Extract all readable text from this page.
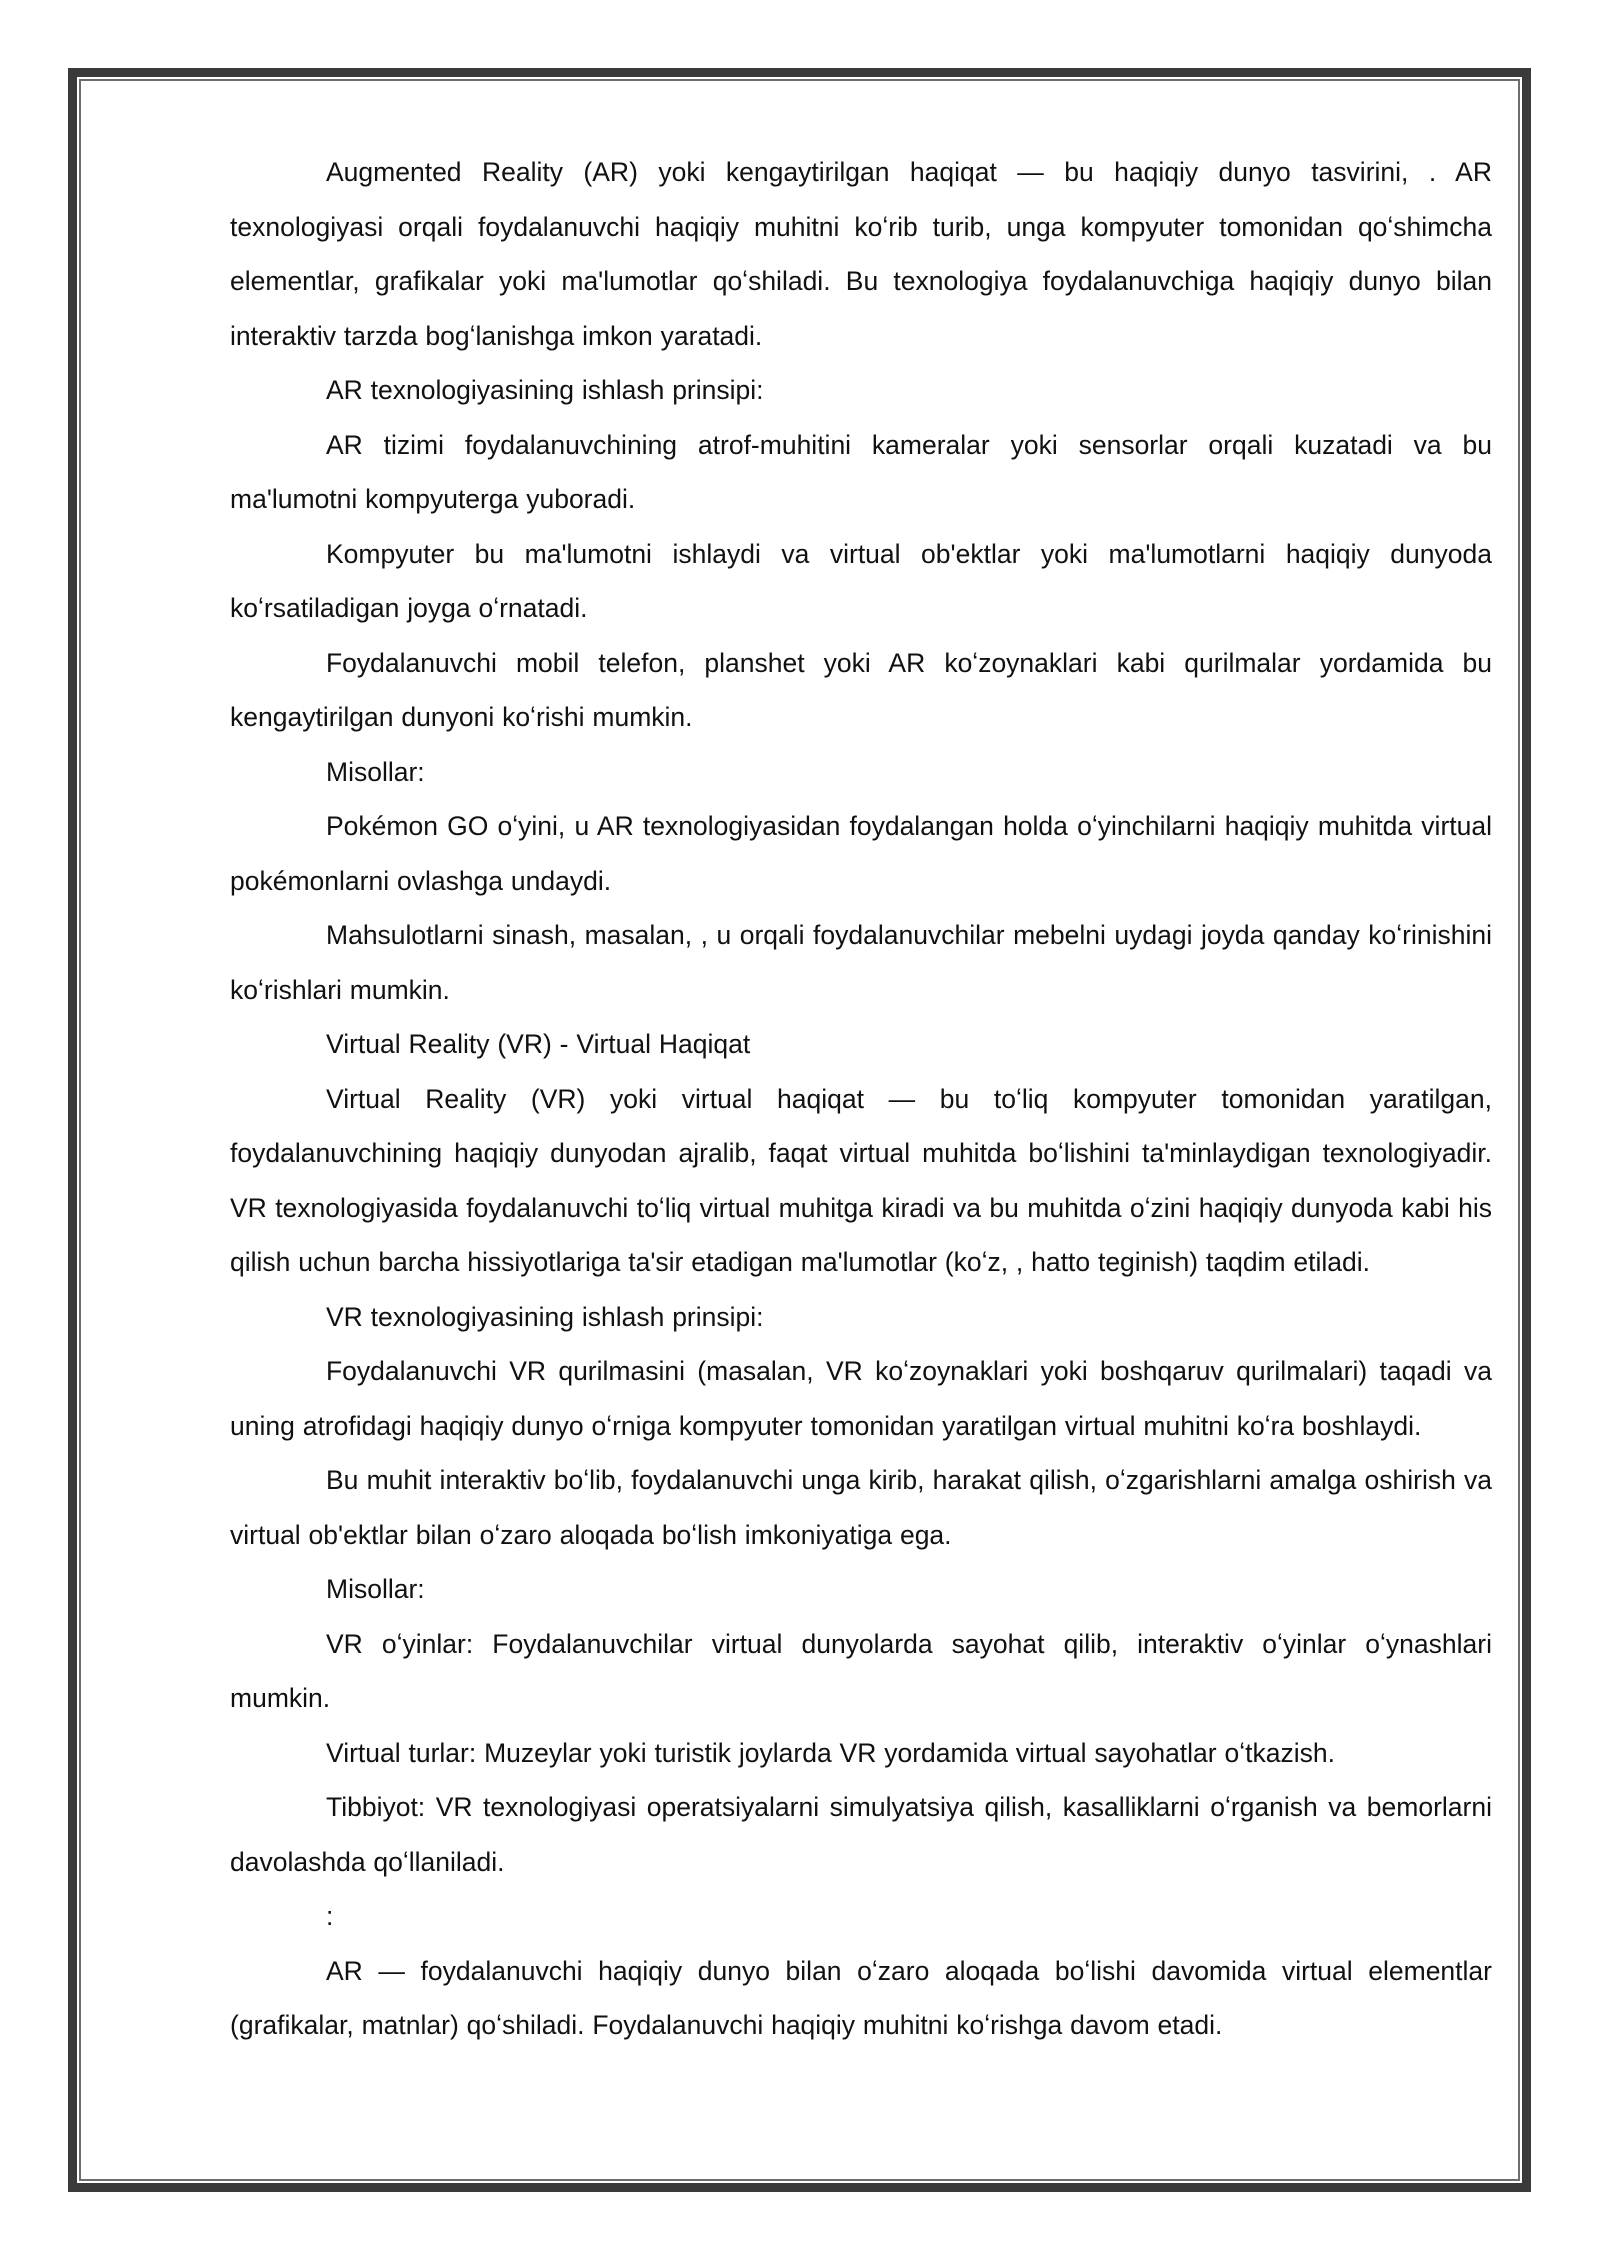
Augmented Reality (AR) yoki kengaytirilgan haqiqat — bu haqiqiy dunyo tasvirini, . AR texnologiyasi orqali foydalanuvchi haqiqiy muhitni koʻrib turib, unga kompyuter tomonidan qoʻshimcha elementlar, grafikalar yoki ma'lumotlar qoʻshiladi. Bu texnologiya foydalanuvchiga haqiqiy dunyo bilan interaktiv tarzda bogʻlanishga imkon yaratadi.

AR texnologiyasining ishlash prinsipi:

AR tizimi foydalanuvchining atrof-muhitini kameralar yoki sensorlar orqali kuzatadi va bu ma'lumotni kompyuterga yuboradi.

Kompyuter bu ma'lumotni ishlaydi va virtual ob'ektlar yoki ma'lumotlarni haqiqiy dunyoda koʻrsatiladigan joyga oʻrnatadi.

Foydalanuvchi mobil telefon, planshet yoki AR koʻzoynaklari kabi qurilmalar yordamida bu kengaytirilgan dunyoni koʻrishi mumkin.

Misollar:

Pokémon GO oʻyini, u AR texnologiyasidan foydalangan holda oʻyinchilarni haqiqiy muhitda virtual pokémonlarni ovlashga undaydi.

Mahsulotlarni sinash, masalan, , u orqali foydalanuvchilar mebelni uydagi joyda qanday koʻrinishini koʻrishlari mumkin.

Virtual Reality (VR) - Virtual Haqiqat

Virtual Reality (VR) yoki virtual haqiqat — bu toʻliq kompyuter tomonidan yaratilgan, foydalanuvchining haqiqiy dunyodan ajralib, faqat virtual muhitda boʻlishini ta'minlaydigan texnologiyadir. VR texnologiyasida foydalanuvchi toʻliq virtual muhitga kiradi va bu muhitda oʻzini haqiqiy dunyoda kabi his qilish uchun barcha hissiyotlariga ta'sir etadigan ma'lumotlar (koʻz, , hatto teginish) taqdim etiladi.

VR texnologiyasining ishlash prinsipi:

Foydalanuvchi VR qurilmasini (masalan, VR koʻzoynaklari yoki boshqaruv qurilmalari) taqadi va uning atrofidagi haqiqiy dunyo oʻrniga kompyuter tomonidan yaratilgan virtual muhitni koʻra boshlaydi.

Bu muhit interaktiv boʻlib, foydalanuvchi unga kirib, harakat qilish, oʻzgarishlarni amalga oshirish va virtual ob'ektlar bilan oʻzaro aloqada boʻlish imkoniyatiga ega.

Misollar:

VR oʻyinlar: Foydalanuvchilar virtual dunyolarda sayohat qilib, interaktiv oʻyinlar oʻynashlari mumkin.

Virtual turlar: Muzeylar yoki turistik joylarda VR yordamida virtual sayohatlar oʻtkazish.

Tibbiyot: VR texnologiyasi operatsiyalarni simulyatsiya qilish, kasalliklarni oʻrganish va bemorlarni davolashda qoʻllaniladi.

:

AR — foydalanuvchi haqiqiy dunyo bilan oʻzaro aloqada boʻlishi davomida virtual elementlar (grafikalar, matnlar) qoʻshiladi. Foydalanuvchi haqiqiy muhitni koʻrishga davom etadi.
